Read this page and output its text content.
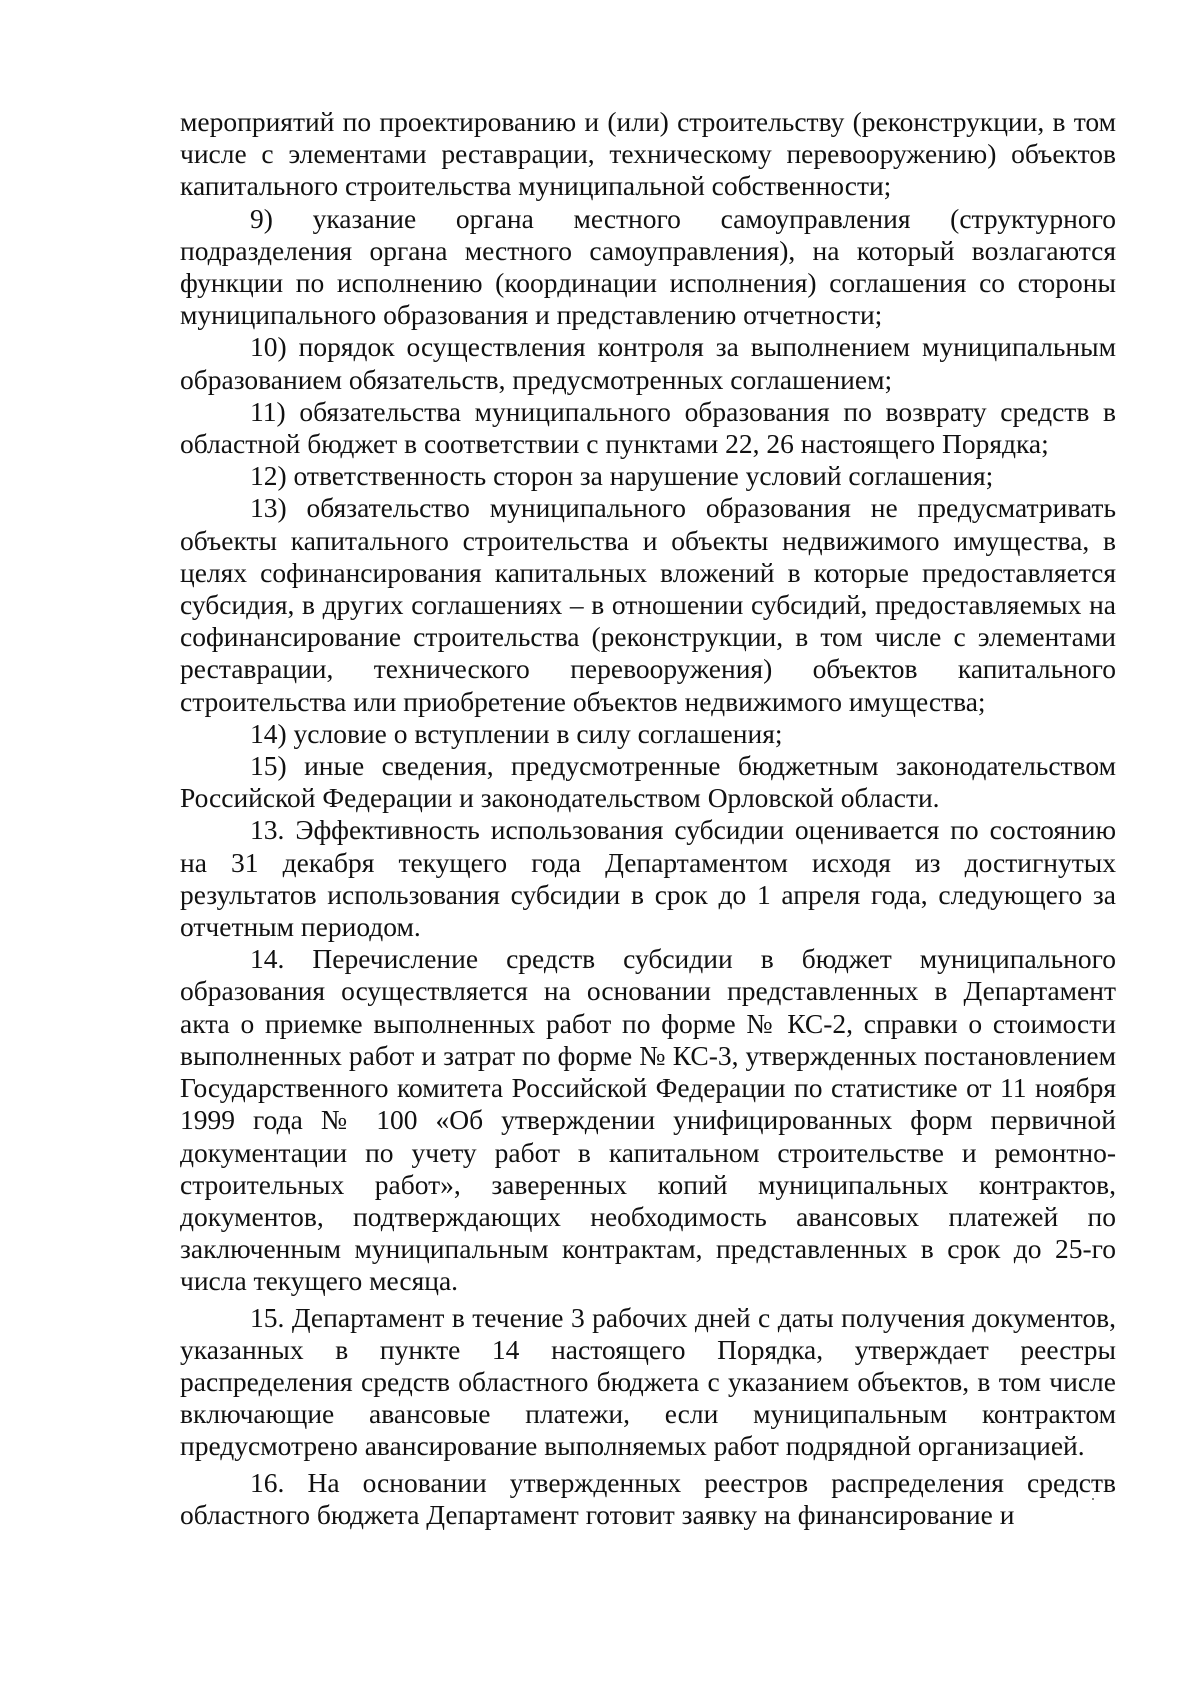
мероприятий по проектированию и (или) строительству (реконструкции, в том числе с элементами реставрации, техническому перевооружению) объектов капитального строительства муниципальной собственности;

9) указание органа местного самоуправления (структурного подразделения органа местного самоуправления), на который возлагаются функции по исполнению (координации исполнения) соглашения со стороны муниципального образования и представлению отчетности;

10) порядок осуществления контроля за выполнением муниципальным образованием обязательств, предусмотренных соглашением;

11) обязательства муниципального образования по возврату средств в областной бюджет в соответствии с пунктами 22, 26 настоящего Порядка;

12) ответственность сторон за нарушение условий соглашения;

13) обязательство муниципального образования не предусматривать объекты капитального строительства и объекты недвижимого имущества, в целях софинансирования капитальных вложений в которые предоставляется субсидия, в других соглашениях – в отношении субсидий, предоставляемых на софинансирование строительства (реконструкции, в том числе с элементами реставрации, технического перевооружения) объектов капитального строительства или приобретение объектов недвижимого имущества;

14) условие о вступлении в силу соглашения;

15) иные сведения, предусмотренные бюджетным законодательством Российской Федерации и законодательством Орловской области.

13. Эффективность использования субсидии оценивается по состоянию на 31 декабря текущего года Департаментом исходя из достигнутых результатов использования субсидии в срок до 1 апреля года, следующего за отчетным периодом.

14. Перечисление средств субсидии в бюджет муниципального образования осуществляется на основании представленных в Департамент акта о приемке выполненных работ по форме № КС-2, справки о стоимости выполненных работ и затрат по форме № КС-3, утвержденных постановлением Государственного комитета Российской Федерации по статистике от 11 ноября 1999 года № 100 «Об утверждении унифицированных форм первичной документации по учету работ в капитальном строительстве и ремонтно-строительных работ», заверенных копий муниципальных контрактов, документов, подтверждающих необходимость авансовых платежей по заключенным муниципальным контрактам, представленных в срок до 25-го числа текущего месяца.

15. Департамент в течение 3 рабочих дней с даты получения документов, указанных в пункте 14 настоящего Порядка, утверждает реестры распределения средств областного бюджета с указанием объектов, в том числе включающие авансовые платежи, если муниципальным контрактом предусмотрено авансирование выполняемых работ подрядной организацией.

16. На основании утвержденных реестров распределения средств областного бюджета Департамент готовит заявку на финансирование и
